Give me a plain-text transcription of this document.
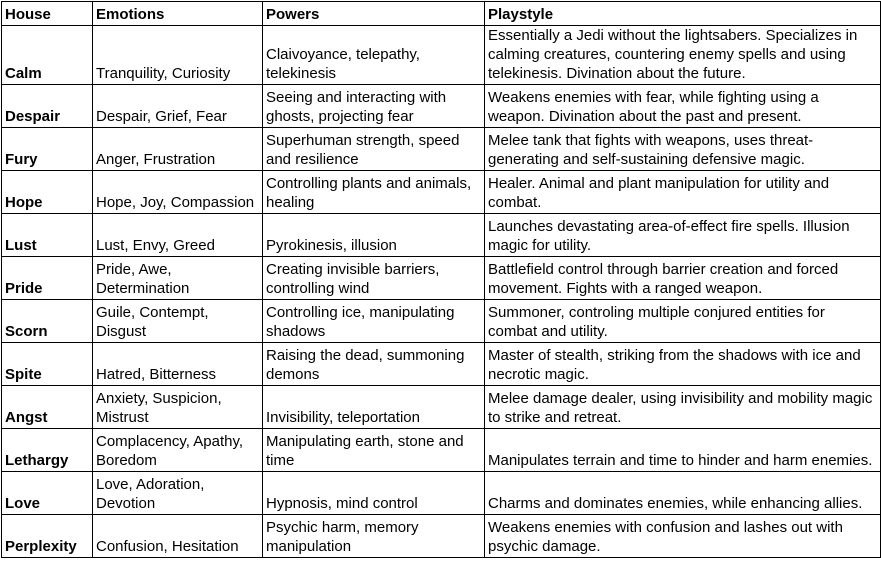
House	Emotions	Powers	Playstyle
Calm	Tranquility, Curiosity	Claivoyance, telepathy, telekinesis	Essentially a Jedi without the lightsabers. Specializes in calming creatures, countering enemy spells and using telekinesis. Divination about the future.
Despair	Despair, Grief, Fear	Seeing and interacting with ghosts, projecting fear	Weakens enemies with fear, while fighting using a weapon. Divination about the past and present.
Fury	Anger, Frustration	Superhuman strength, speed and resilience	Melee tank that fights with weapons, uses threat-generating and self-sustaining defensive magic.
Hope	Hope, Joy, Compassion	Controlling plants and animals, healing	Healer. Animal and plant manipulation for utility and combat.
Lust	Lust, Envy, Greed	Pyrokinesis, illusion	Launches devastating area-of-effect fire spells. Illusion magic for utility.
Pride	Pride, Awe, Determination	Creating invisible barriers, controlling wind	Battlefield control through barrier creation and forced movement. Fights with a ranged weapon.
Scorn	Guile, Contempt, Disgust	Controlling ice, manipulating shadows	Summoner, controling multiple conjured entities for combat and utility.
Spite	Hatred, Bitterness	Raising the dead, summoning demons	Master of stealth, striking from the shadows with ice and necrotic magic.
Angst	Anxiety, Suspicion, Mistrust	Invisibility, teleportation	Melee damage dealer, using invisibility and mobility magic to strike and retreat.
Lethargy	Complacency, Apathy, Boredom	Manipulating earth, stone and time	Manipulates terrain and time to hinder and harm enemies.
Love	Love, Adoration, Devotion	Hypnosis, mind control	Charms and dominates enemies, while enhancing allies.
Perplexity	Confusion, Hesitation	Psychic harm, memory manipulation	Weakens enemies with confusion and lashes out with psychic damage.
